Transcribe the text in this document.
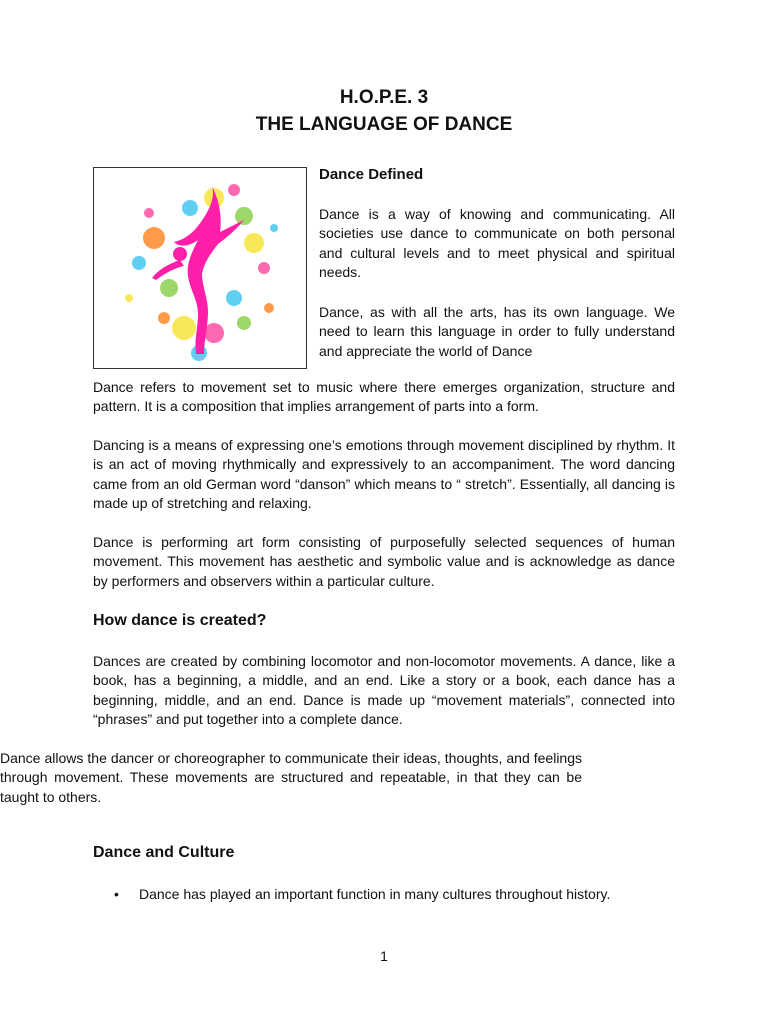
H.O.P.E. 3
THE LANGUAGE OF DANCE
Dance Defined

Dance is a way of knowing and communicating. All societies use dance to communicate on both personal and cultural levels and to meet physical and spiritual needs.

Dance, as with all the arts, has its own language. We need to learn this language in order to fully understand and appreciate the world of Dance

Dance refers to movement set to music where there emerges organization, structure and pattern. It is a composition that implies arrangement of parts into a form.

Dancing is a means of expressing one’s emotions through movement disciplined by rhythm. It is an act of moving rhythmically and expressively to an accompaniment. The word dancing came from an old German word “danson” which means to “ stretch”. Essentially, all dancing is made up of stretching and relaxing.

Dance is performing art form consisting of purposefully selected sequences of human movement. This movement has aesthetic and symbolic value and is acknowledge as dance by performers and observers within a particular culture.

How dance is created?

Dances are created by combining locomotor and non-locomotor movements. A dance, like a book, has a beginning, a middle, and an end. Like a story or a book, each dance has a beginning, middle, and an end. Dance is made up “movement materials”, connected into “phrases” and put together into a complete dance.

Dance allows the dancer or choreographer to communicate their ideas, thoughts, and feelings through movement. These movements are structured and repeatable, in that they can be taught to others.

Dance and Culture
• Dance has played an important function in many cultures throughout history.
1
